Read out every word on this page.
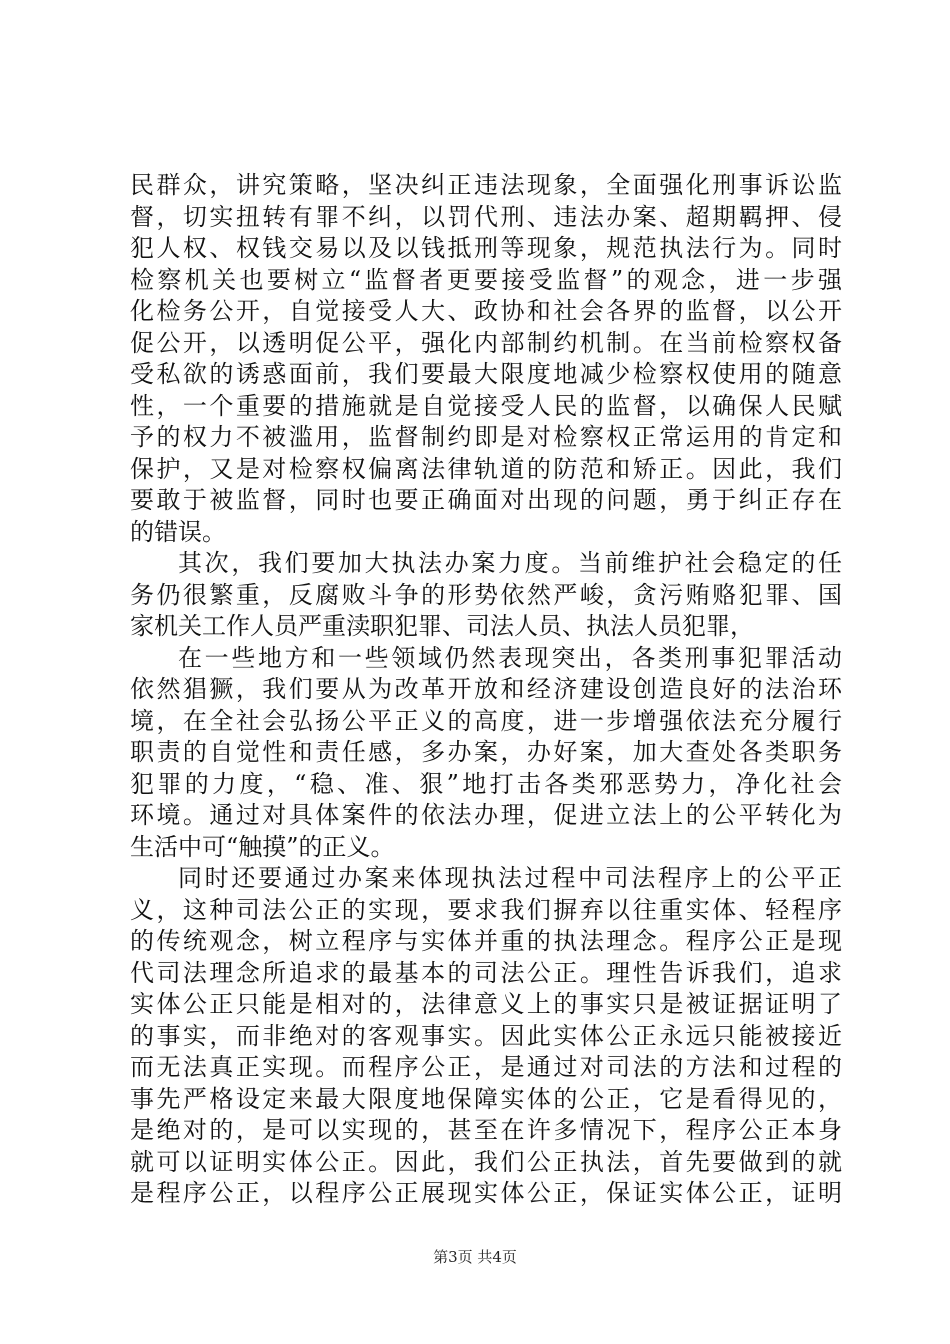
民群众，讲究策略，坚决纠正违法现象，全面强化刑事诉讼监
督，切实扭转有罪不纠，以罚代刑、违法办案、超期羁押、侵
犯人权、权钱交易以及以钱抵刑等现象，规范执法行为。同时
检察机关也要树立“监督者更要接受监督”的观念，进一步强
化检务公开，自觉接受人大、政协和社会各界的监督，以公开
促公开，以透明促公平，强化内部制约机制。在当前检察权备
受私欲的诱惑面前，我们要最大限度地减少检察权使用的随意
性，一个重要的措施就是自觉接受人民的监督，以确保人民赋
予的权力不被滥用，监督制约即是对检察权正常运用的肯定和
保护，又是对检察权偏离法律轨道的防范和矫正。因此，我们
要敢于被监督，同时也要正确面对出现的问题，勇于纠正存在
的错误。
其次，我们要加大执法办案力度。当前维护社会稳定的任
务仍很繁重，反腐败斗争的形势依然严峻，贪污贿赂犯罪、国
家机关工作人员严重渎职犯罪、司法人员、执法人员犯罪，
在一些地方和一些领域仍然表现突出，各类刑事犯罪活动
依然猖獗，我们要从为改革开放和经济建设创造良好的法治环
境，在全社会弘扬公平正义的高度，进一步增强依法充分履行
职责的自觉性和责任感，多办案，办好案，加大查处各类职务
犯罪的力度，“稳、准、狠”地打击各类邪恶势力，净化社会
环境。通过对具体案件的依法办理，促进立法上的公平转化为
生活中可“触摸”的正义。
同时还要通过办案来体现执法过程中司法程序上的公平正
义，这种司法公正的实现，要求我们摒弃以往重实体、轻程序
的传统观念，树立程序与实体并重的执法理念。程序公正是现
代司法理念所追求的最基本的司法公正。理性告诉我们，追求
实体公正只能是相对的，法律意义上的事实只是被证据证明了
的事实，而非绝对的客观事实。因此实体公正永远只能被接近
而无法真正实现。而程序公正，是通过对司法的方法和过程的
事先严格设定来最大限度地保障实体的公正，它是看得见的，
是绝对的，是可以实现的，甚至在许多情况下，程序公正本身
就可以证明实体公正。因此，我们公正执法，首先要做到的就
是程序公正，以程序公正展现实体公正，保证实体公正，证明
第3页 共4页
